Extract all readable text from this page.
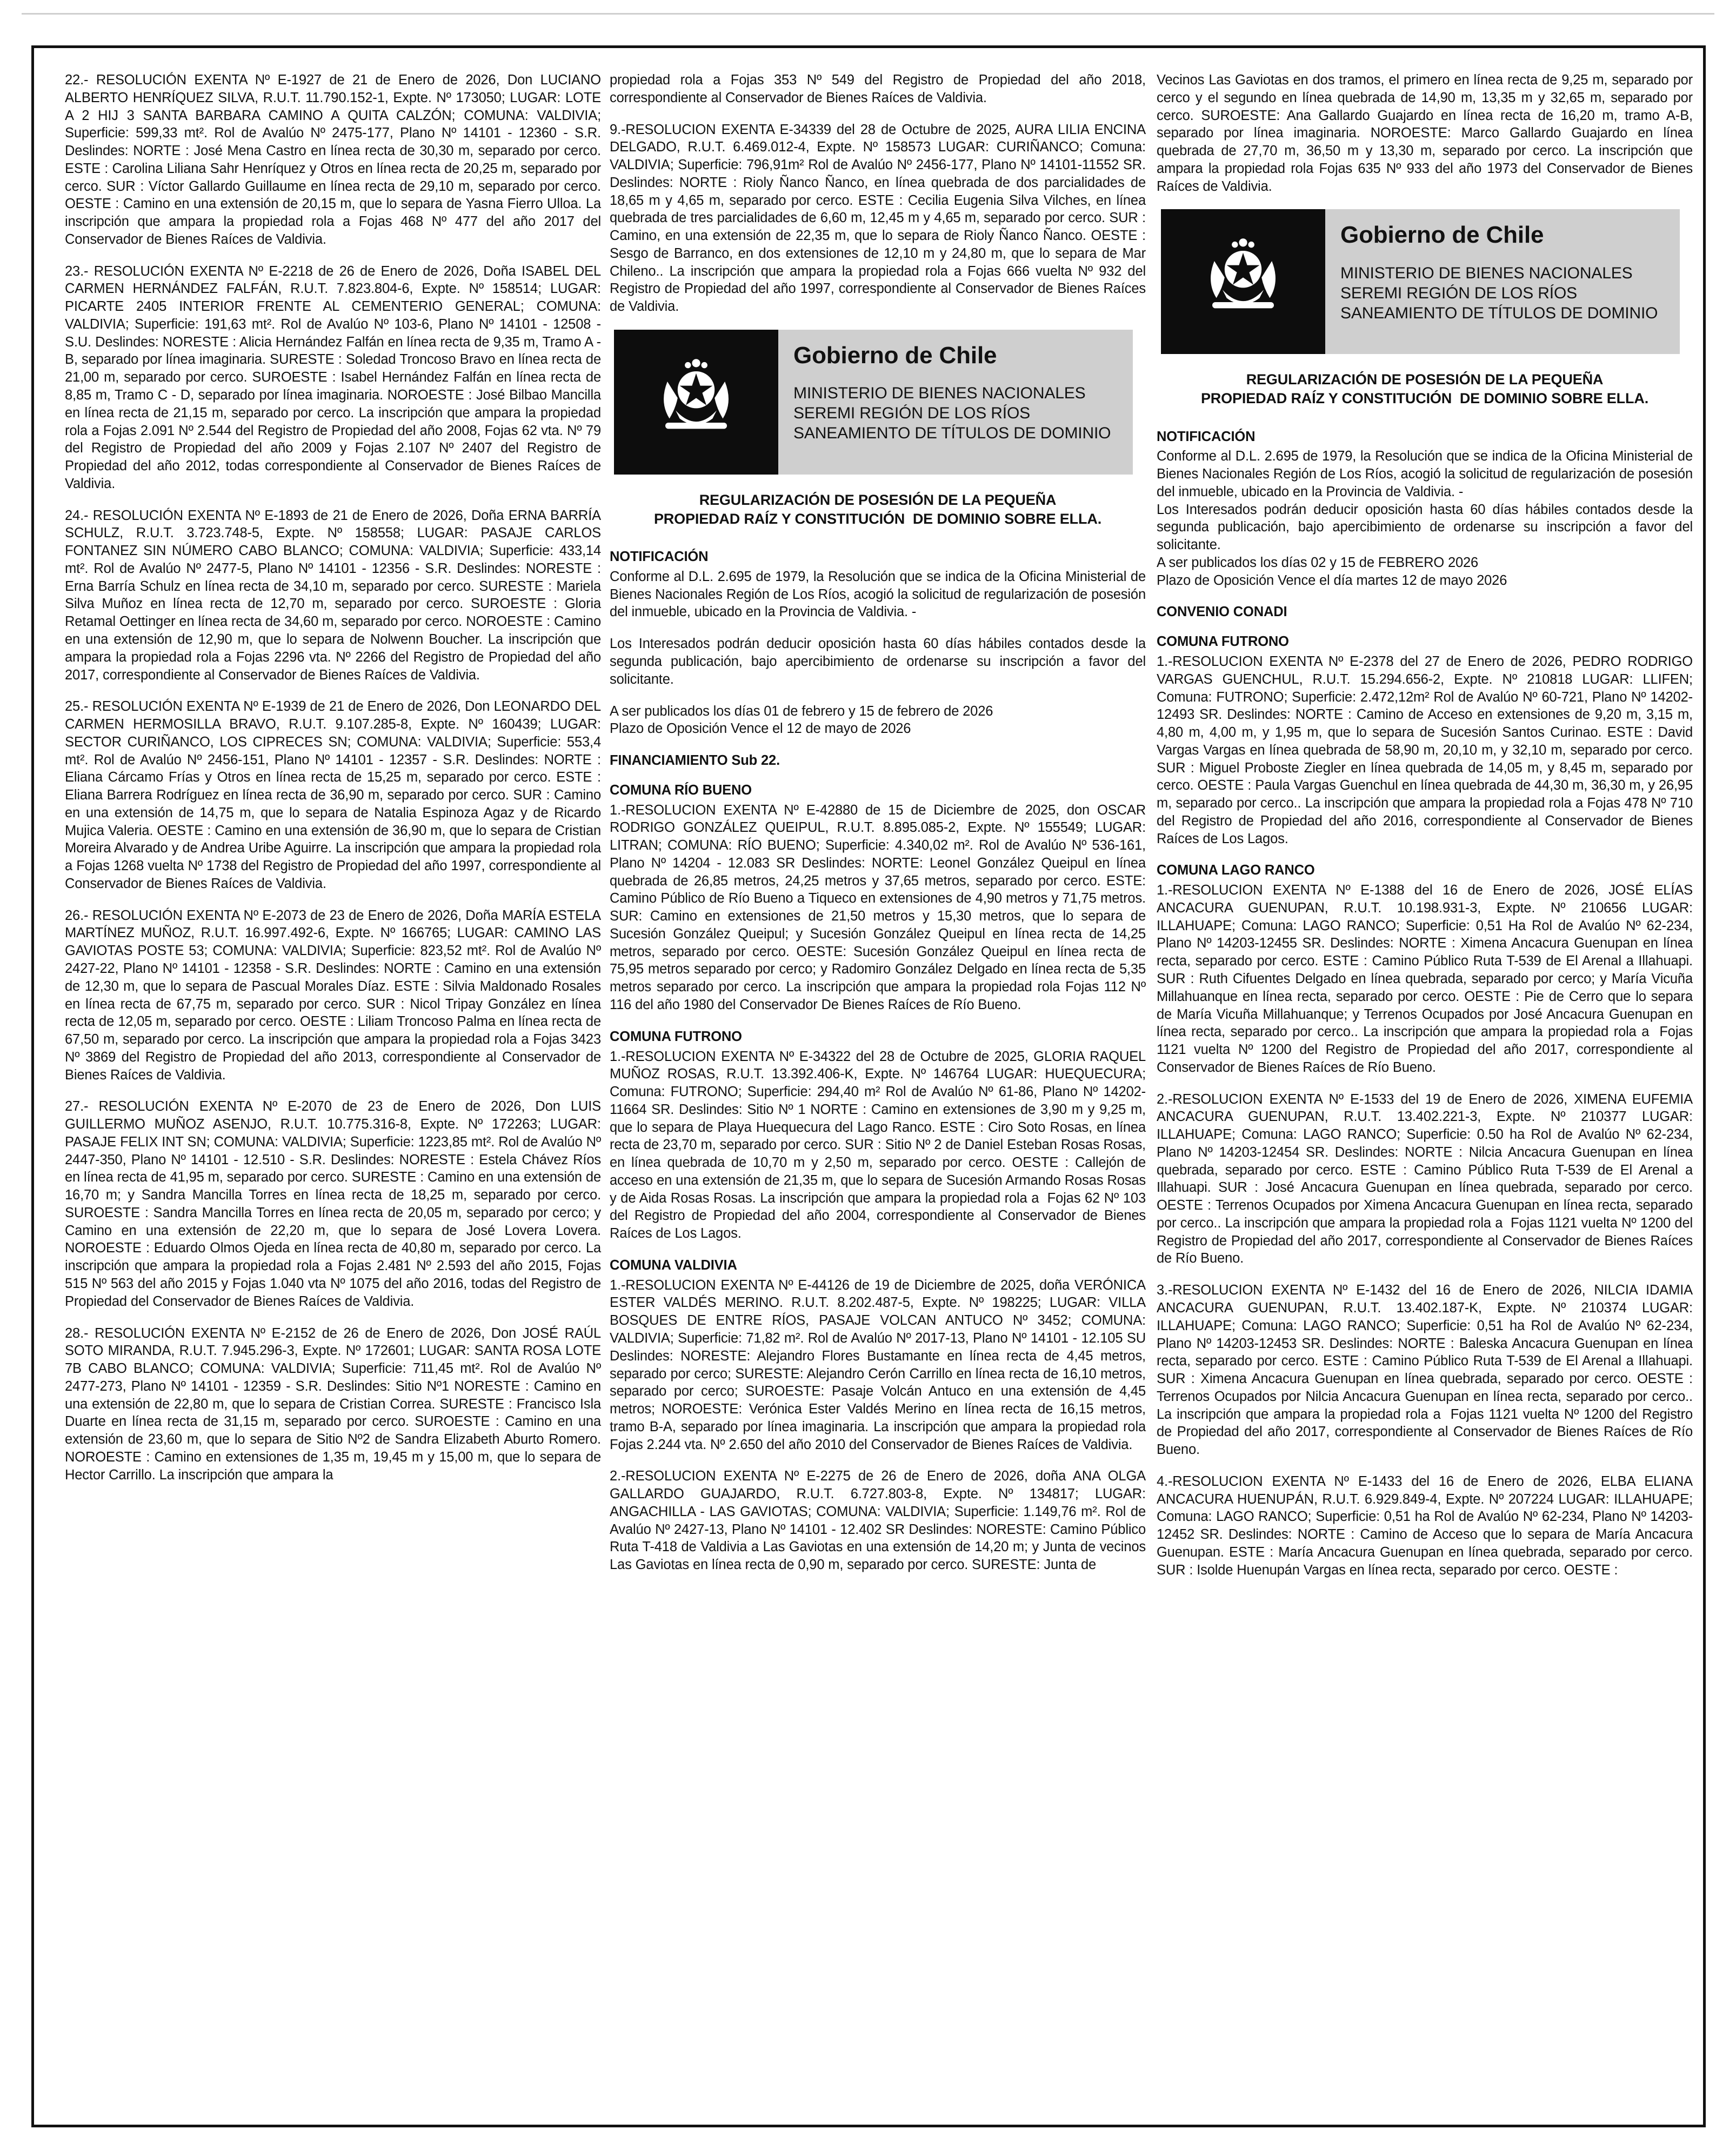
22.- RESOLUCIÓN EXENTA Nº E-1927 de 21 de Enero de 2026, Don LUCIANO ALBERTO HENRÍQUEZ SILVA, R.U.T. 11.790.152-1, Expte. Nº 173050; LUGAR: LOTE A 2 HIJ 3 SANTA BARBARA CAMINO A QUITA CALZÓN; COMUNA: VALDIVIA; Superficie: 599,33 mt². Rol de Avalúo Nº 2475-177, Plano Nº 14101 - 12360 - S.R. Deslindes: NORTE : José Mena Castro en línea recta de 30,30 m, separado por cerco. ESTE : Carolina Liliana Sahr Henríquez y Otros en línea recta de 20,25 m, separado por cerco. SUR : Víctor Gallardo Guillaume en línea recta de 29,10 m, separado por cerco. OESTE : Camino en una extensión de 20,15 m, que lo separa de Yasna Fierro Ulloa. La inscripción que ampara la propiedad rola a Fojas 468 Nº 477 del año 2017 del Conservador de Bienes Raíces de Valdivia.

23.- RESOLUCIÓN EXENTA Nº E-2218 de 26 de Enero de 2026, Doña ISABEL DEL CARMEN HERNÁNDEZ FALFÁN, R.U.T. 7.823.804-6, Expte. Nº 158514; LUGAR: PICARTE 2405 INTERIOR FRENTE AL CEMENTERIO GENERAL; COMUNA: VALDIVIA; Superficie: 191,63 mt². Rol de Avalúo Nº 103-6, Plano Nº 14101 - 12508 - S.U. Deslindes: NORESTE : Alicia Hernández Falfán en línea recta de 9,35 m, Tramo A - B, separado por línea imaginaria. SURESTE : Soledad Troncoso Bravo en línea recta de 21,00 m, separado por cerco. SUROESTE : Isabel Hernández Falfán en línea recta de 8,85 m, Tramo C - D, separado por línea imaginaria. NOROESTE : José Bilbao Mancilla en línea recta de 21,15 m, separado por cerco. La inscripción que ampara la propiedad rola a Fojas 2.091 Nº 2.544 del Registro de Propiedad del año 2008, Fojas 62 vta. Nº 79 del Registro de Propiedad del año 2009 y Fojas 2.107 Nº 2407 del Registro de Propiedad del año 2012, todas correspondiente al Conservador de Bienes Raíces de Valdivia.

24.- RESOLUCIÓN EXENTA Nº E-1893 de 21 de Enero de 2026, Doña ERNA BARRÍA SCHULZ, R.U.T. 3.723.748-5, Expte. Nº 158558; LUGAR: PASAJE CARLOS FONTANEZ SIN NÚMERO CABO BLANCO; COMUNA: VALDIVIA; Superficie: 433,14 mt². Rol de Avalúo Nº 2477-5, Plano Nº 14101 - 12356 - S.R. Deslindes: NORESTE : Erna Barría Schulz en línea recta de 34,10 m, separado por cerco. SURESTE : Mariela Silva Muñoz en línea recta de 12,70 m, separado por cerco. SUROESTE : Gloria Retamal Oettinger en línea recta de 34,60 m, separado por cerco. NOROESTE : Camino en una extensión de 12,90 m, que lo separa de Nolwenn Boucher. La inscripción que ampara la propiedad rola a Fojas 2296 vta. Nº 2266 del Registro de Propiedad del año 2017, correspondiente al Conservador de Bienes Raíces de Valdivia.

25.- RESOLUCIÓN EXENTA Nº E-1939 de 21 de Enero de 2026, Don LEONARDO DEL CARMEN HERMOSILLA BRAVO, R.U.T. 9.107.285-8, Expte. Nº 160439; LUGAR: SECTOR CURIÑANCO, LOS CIPRECES SN; COMUNA: VALDIVIA; Superficie: 553,4 mt². Rol de Avalúo Nº 2456-151, Plano Nº 14101 - 12357 - S.R. Deslindes: NORTE : Eliana Cárcamo Frías y Otros en línea recta de 15,25 m, separado por cerco. ESTE : Eliana Barrera Rodríguez en línea recta de 36,90 m, separado por cerco. SUR : Camino en una extensión de 14,75 m, que lo separa de Natalia Espinoza Agaz y de Ricardo Mujica Valeria. OESTE : Camino en una extensión de 36,90 m, que lo separa de Cristian Moreira Alvarado y de Andrea Uribe Aguirre. La inscripción que ampara la propiedad rola a Fojas 1268 vuelta Nº 1738 del Registro de Propiedad del año 1997, correspondiente al Conservador de Bienes Raíces de Valdivia.

26.- RESOLUCIÓN EXENTA Nº E-2073 de 23 de Enero de 2026, Doña MARÍA ESTELA MARTÍNEZ MUÑOZ, R.U.T. 16.997.492-6, Expte. Nº 166765; LUGAR: CAMINO LAS GAVIOTAS POSTE 53; COMUNA: VALDIVIA; Superficie: 823,52 mt². Rol de Avalúo Nº 2427-22, Plano Nº 14101 - 12358 - S.R. Deslindes: NORTE : Camino en una extensión de 12,30 m, que lo separa de Pascual Morales Díaz. ESTE : Silvia Maldonado Rosales en línea recta de 67,75 m, separado por cerco. SUR : Nicol Tripay González en línea recta de 12,05 m, separado por cerco. OESTE : Liliam Troncoso Palma en línea recta de 67,50 m, separado por cerco. La inscripción que ampara la propiedad rola a Fojas 3423 Nº 3869 del Registro de Propiedad del año 2013, correspondiente al Conservador de Bienes Raíces de Valdivia.

27.- RESOLUCIÓN EXENTA Nº E-2070 de 23 de Enero de 2026, Don LUIS GUILLERMO MUÑOZ ASENJO, R.U.T. 10.775.316-8, Expte. Nº 172263; LUGAR: PASAJE FELIX INT SN; COMUNA: VALDIVIA; Superficie: 1223,85 mt². Rol de Avalúo Nº 2447-350, Plano Nº 14101 - 12.510 - S.R. Deslindes: NORESTE : Estela Chávez Ríos en línea recta de 41,95 m, separado por cerco. SURESTE : Camino en una extensión de 16,70 m; y Sandra Mancilla Torres en línea recta de 18,25 m, separado por cerco. SUROESTE : Sandra Mancilla Torres en línea recta de 20,05 m, separado por cerco; y Camino en una extensión de 22,20 m, que lo separa de José Lovera Lovera. NOROESTE : Eduardo Olmos Ojeda en línea recta de 40,80 m, separado por cerco. La inscripción que ampara la propiedad rola a Fojas 2.481 Nº 2.593 del año 2015, Fojas 515 Nº 563 del año 2015 y Fojas 1.040 vta Nº 1075 del año 2016, todas del Registro de Propiedad del Conservador de Bienes Raíces de Valdivia.

28.- RESOLUCIÓN EXENTA Nº E-2152 de 26 de Enero de 2026, Don JOSÉ RAÚL SOTO MIRANDA, R.U.T. 7.945.296-3, Expte. Nº 172601; LUGAR: SANTA ROSA LOTE 7B CABO BLANCO; COMUNA: VALDIVIA; Superficie: 711,45 mt². Rol de Avalúo Nº 2477-273, Plano Nº 14101 - 12359 - S.R. Deslindes: Sitio Nº1 NORESTE : Camino en una extensión de 22,80 m, que lo separa de Cristian Correa. SURESTE : Francisco Isla Duarte en línea recta de 31,15 m, separado por cerco. SUROESTE : Camino en una extensión de 23,60 m, que lo separa de Sitio Nº2 de Sandra Elizabeth Aburto Romero. NOROESTE : Camino en extensiones de 1,35 m, 19,45 m y 15,00 m, que lo separa de Hector Carrillo. La inscripción que ampara la

propiedad rola a Fojas 353 Nº 549 del Registro de Propiedad del año 2018, correspondiente al Conservador de Bienes Raíces de Valdivia.

9.-RESOLUCION EXENTA E-34339 del 28 de Octubre de 2025, AURA LILIA ENCINA DELGADO, R.U.T. 6.469.012-4, Expte. Nº 158573 LUGAR: CURIÑANCO; Comuna: VALDIVIA; Superficie: 796,91m² Rol de Avalúo Nº 2456-177, Plano Nº 14101-11552 SR. Deslindes: NORTE : Rioly Ñanco Ñanco, en línea quebrada de dos parcialidades de 18,65 m y 4,65 m, separado por cerco. ESTE : Cecilia Eugenia Silva Vilches, en línea quebrada de tres parcialidades de 6,60 m, 12,45 m y 4,65 m, separado por cerco. SUR : Camino, en una extensión de 22,35 m, que lo separa de Rioly Ñanco Ñanco. OESTE : Sesgo de Barranco, en dos extensiones de 12,10 m y 24,80 m, que lo separa de Mar Chileno.. La inscripción que ampara la propiedad rola a Fojas 666 vuelta Nº 932 del Registro de Propiedad del año 1997, correspondiente al Conservador de Bienes Raíces de Valdivia.

Gobierno de Chile
MINISTERIO DE BIENES NACIONALES
SEREMI REGIÓN DE LOS RÍOS
SANEAMIENTO DE TÍTULOS DE DOMINIO
REGULARIZACIÓN DE POSESIÓN DE LA PEQUEÑA
PROPIEDAD RAÍZ Y CONSTITUCIÓN  DE DOMINIO SOBRE ELLA.
NOTIFICACIÓN

Conforme al D.L. 2.695 de 1979, la Resolución que se indica de la Oficina Ministerial de Bienes Nacionales Región de Los Ríos, acogió la solicitud de regularización de posesión del inmueble, ubicado en la Provincia de Valdivia. -

Los Interesados podrán deducir oposición hasta 60 días hábiles contados desde la segunda publicación, bajo apercibimiento de ordenarse su inscripción a favor del solicitante.

A ser publicados los días 01 de febrero y 15 de febrero de 2026
Plazo de Oposición Vence el 12 de mayo de 2026

FINANCIAMIENTO Sub 22.
COMUNA RÍO BUENO

1.-RESOLUCION EXENTA Nº E-42880 de 15 de Diciembre de 2025, don OSCAR RODRIGO GONZÁLEZ QUEIPUL, R.U.T. 8.895.085-2, Expte. Nº 155549; LUGAR: LITRAN; COMUNA: RÍO BUENO; Superficie: 4.340,02 m². Rol de Avalúo Nº 536-161, Plano Nº 14204 - 12.083 SR Deslindes: NORTE: Leonel González Queipul en línea quebrada de 26,85 metros, 24,25 metros y 37,65 metros, separado por cerco. ESTE: Camino Público de Río Bueno a Tiqueco en extensiones de 4,90 metros y 71,75 metros. SUR: Camino en extensiones de 21,50 metros y 15,30 metros, que lo separa de Sucesión González Queipul; y Sucesión González Queipul en línea recta de 14,25 metros, separado por cerco. OESTE: Sucesión González Queipul en línea recta de 75,95 metros separado por cerco; y Radomiro González Delgado en línea recta de 5,35 metros separado por cerco. La inscripción que ampara la propiedad rola Fojas 112 Nº 116 del año 1980 del Conservador De Bienes Raíces de Río Bueno.

COMUNA FUTRONO

1.-RESOLUCION EXENTA Nº E-34322 del 28 de Octubre de 2025, GLORIA RAQUEL MUÑOZ ROSAS, R.U.T. 13.392.406-K, Expte. Nº 146764 LUGAR: HUEQUECURA; Comuna: FUTRONO; Superficie: 294,40 m² Rol de Avalúo Nº 61-86, Plano Nº 14202-11664 SR. Deslindes: Sitio Nº 1 NORTE : Camino en extensiones de 3,90 m y 9,25 m, que lo separa de Playa Huequecura del Lago Ranco. ESTE : Ciro Soto Rosas, en línea recta de 23,70 m, separado por cerco. SUR : Sitio Nº 2 de Daniel Esteban Rosas Rosas, en línea quebrada de 10,70 m y 2,50 m, separado por cerco. OESTE : Callejón de acceso en una extensión de 21,35 m, que lo separa de Sucesión Armando Rosas Rosas y de Aida Rosas Rosas. La inscripción que ampara la propiedad rola a  Fojas 62 Nº 103 del Registro de Propiedad del año 2004, correspondiente al Conservador de Bienes Raíces de Los Lagos.

COMUNA VALDIVIA

1.-RESOLUCION EXENTA Nº E-44126 de 19 de Diciembre de 2025, doña VERÓNICA ESTER VALDÉS MERINO. R.U.T. 8.202.487-5, Expte. Nº 198225; LUGAR: VILLA BOSQUES DE ENTRE RÍOS, PASAJE VOLCAN ANTUCO Nº 3452; COMUNA: VALDIVIA; Superficie: 71,82 m². Rol de Avalúo Nº 2017-13, Plano Nº 14101 - 12.105 SU Deslindes: NORESTE: Alejandro Flores Bustamante en línea recta de 4,45 metros, separado por cerco; SURESTE: Alejandro Cerón Carrillo en línea recta de 16,10 metros, separado por cerco; SUROESTE: Pasaje Volcán Antuco en una extensión de 4,45 metros; NOROESTE: Verónica Ester Valdés Merino en línea recta de 16,15 metros, tramo B-A, separado por línea imaginaria. La inscripción que ampara la propiedad rola Fojas 2.244 vta. Nº 2.650 del año 2010 del Conservador de Bienes Raíces de Valdivia.

2.-RESOLUCION EXENTA Nº E-2275 de 26 de Enero de 2026, doña ANA OLGA GALLARDO GUAJARDO, R.U.T. 6.727.803-8, Expte. Nº 134817; LUGAR: ANGACHILLA - LAS GAVIOTAS; COMUNA: VALDIVIA; Superficie: 1.149,76 m². Rol de Avalúo Nº 2427-13, Plano Nº 14101 - 12.402 SR Deslindes: NORESTE: Camino Público Ruta T-418 de Valdivia a Las Gaviotas en una extensión de 14,20 m; y Junta de vecinos Las Gaviotas en línea recta de 0,90 m, separado por cerco. SURESTE: Junta de

Vecinos Las Gaviotas en dos tramos, el primero en línea recta de 9,25 m, separado por cerco y el segundo en línea quebrada de 14,90 m, 13,35 m y 32,65 m, separado por cerco. SUROESTE: Ana Gallardo Guajardo en línea recta de 16,20 m, tramo A-B, separado por línea imaginaria. NOROESTE: Marco Gallardo Guajardo en línea quebrada de 27,70 m, 36,50 m y 13,30 m, separado por cerco. La inscripción que ampara la propiedad rola Fojas 635 Nº 933 del año 1973 del Conservador de Bienes Raíces de Valdivia.

Gobierno de Chile
MINISTERIO DE BIENES NACIONALES
SEREMI REGIÓN DE LOS RÍOS
SANEAMIENTO DE TÍTULOS DE DOMINIO
REGULARIZACIÓN DE POSESIÓN DE LA PEQUEÑA
PROPIEDAD RAÍZ Y CONSTITUCIÓN  DE DOMINIO SOBRE ELLA.
NOTIFICACIÓN

Conforme al D.L. 2.695 de 1979, la Resolución que se indica de la Oficina Ministerial de Bienes Nacionales Región de Los Ríos, acogió la solicitud de regularización de posesión del inmueble, ubicado en la Provincia de Valdivia. -
Los Interesados podrán deducir oposición hasta 60 días hábiles contados desde la segunda publicación, bajo apercibimiento de ordenarse su inscripción a favor del solicitante.
A ser publicados los días 02 y 15 de FEBRERO 2026
Plazo de Oposición Vence el día martes 12 de mayo 2026

CONVENIO CONADI
COMUNA FUTRONO

1.-RESOLUCION EXENTA Nº E-2378 del 27 de Enero de 2026, PEDRO RODRIGO VARGAS GUENCHUL, R.U.T. 15.294.656-2, Expte. Nº 210818 LUGAR: LLIFEN; Comuna: FUTRONO; Superficie: 2.472,12m² Rol de Avalúo Nº 60-721, Plano Nº 14202-12493 SR. Deslindes: NORTE : Camino de Acceso en extensiones de 9,20 m, 3,15 m, 4,80 m, 4,00 m, y 1,95 m, que lo separa de Sucesión Santos Curinao. ESTE : David Vargas Vargas en línea quebrada de 58,90 m, 20,10 m, y 32,10 m, separado por cerco. SUR : Miguel Proboste Ziegler en línea quebrada de 14,05 m, y 8,45 m, separado por cerco. OESTE : Paula Vargas Guenchul en línea quebrada de 44,30 m, 36,30 m, y 26,95 m, separado por cerco.. La inscripción que ampara la propiedad rola a Fojas 478 Nº 710 del Registro de Propiedad del año 2016, correspondiente al Conservador de Bienes Raíces de Los Lagos.

COMUNA LAGO RANCO

1.-RESOLUCION EXENTA Nº E-1388 del 16 de Enero de 2026, JOSÉ ELÍAS ANCACURA GUENUPAN, R.U.T. 10.198.931-3, Expte. Nº 210656 LUGAR: ILLAHUAPE; Comuna: LAGO RANCO; Superficie: 0,51 Ha Rol de Avalúo Nº 62-234, Plano Nº 14203-12455 SR. Deslindes: NORTE : Ximena Ancacura Guenupan en línea recta, separado por cerco. ESTE : Camino Público Ruta T-539 de El Arenal a Illahuapi. SUR : Ruth Cifuentes Delgado en línea quebrada, separado por cerco; y María Vicuña Millahuanque en línea recta, separado por cerco. OESTE : Pie de Cerro que lo separa de María Vicuña Millahuanque; y Terrenos Ocupados por José Ancacura Guenupan en línea recta, separado por cerco.. La inscripción que ampara la propiedad rola a  Fojas 1121 vuelta Nº 1200 del Registro de Propiedad del año 2017, correspondiente al Conservador de Bienes Raíces de Río Bueno.

2.-RESOLUCION EXENTA Nº E-1533 del 19 de Enero de 2026, XIMENA EUFEMIA ANCACURA GUENUPAN, R.U.T. 13.402.221-3, Expte. Nº 210377 LUGAR: ILLAHUAPE; Comuna: LAGO RANCO; Superficie: 0.50 ha Rol de Avalúo Nº 62-234, Plano Nº 14203-12454 SR. Deslindes: NORTE : Nilcia Ancacura Guenupan en línea quebrada, separado por cerco. ESTE : Camino Público Ruta T-539 de El Arenal a Illahuapi. SUR : José Ancacura Guenupan en línea quebrada, separado por cerco. OESTE : Terrenos Ocupados por Ximena Ancacura Guenupan en línea recta, separado por cerco.. La inscripción que ampara la propiedad rola a  Fojas 1121 vuelta Nº 1200 del Registro de Propiedad del año 2017, correspondiente al Conservador de Bienes Raíces de Río Bueno.

3.-RESOLUCION EXENTA Nº E-1432 del 16 de Enero de 2026, NILCIA IDAMIA ANCACURA GUENUPAN, R.U.T. 13.402.187-K, Expte. Nº 210374 LUGAR: ILLAHUAPE; Comuna: LAGO RANCO; Superficie: 0,51 ha Rol de Avalúo Nº 62-234, Plano Nº 14203-12453 SR. Deslindes: NORTE : Baleska Ancacura Guenupan en línea recta, separado por cerco. ESTE : Camino Público Ruta T-539 de El Arenal a Illahuapi. SUR : Ximena Ancacura Guenupan en línea quebrada, separado por cerco. OESTE : Terrenos Ocupados por Nilcia Ancacura Guenupan en línea recta, separado por cerco.. La inscripción que ampara la propiedad rola a  Fojas 1121 vuelta Nº 1200 del Registro de Propiedad del año 2017, correspondiente al Conservador de Bienes Raíces de Río Bueno.

4.-RESOLUCION EXENTA Nº E-1433 del 16 de Enero de 2026, ELBA ELIANA ANCACURA HUENUPÁN, R.U.T. 6.929.849-4, Expte. Nº 207224 LUGAR: ILLAHUAPE; Comuna: LAGO RANCO; Superficie: 0,51 ha Rol de Avalúo Nº 62-234, Plano Nº 14203-12452 SR. Deslindes: NORTE : Camino de Acceso que lo separa de María Ancacura Guenupan. ESTE : María Ancacura Guenupan en línea quebrada, separado por cerco. SUR : Isolde Huenupán Vargas en línea recta, separado por cerco. OESTE :
